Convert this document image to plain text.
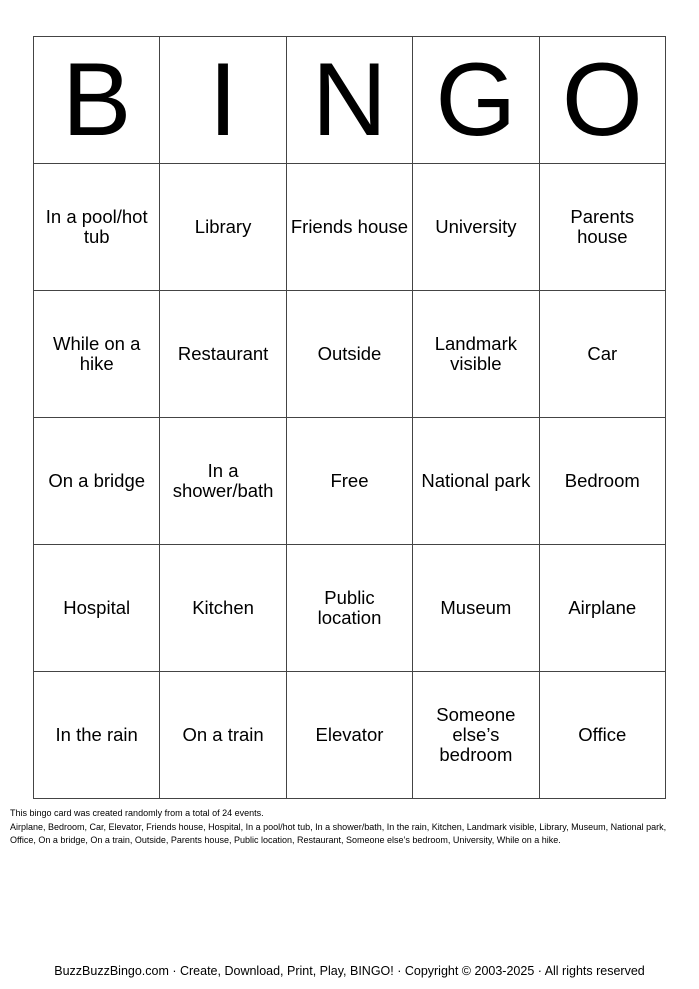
B	I	N	G	O
In a pool/hot tub	Library	Friends house	University	Parents house
While on a hike	Restaurant	Outside	Landmark visible	Car
On a bridge	In a shower/bath	Free	National park	Bedroom
Hospital	Kitchen	Public location	Museum	Airplane
In the rain	On a train	Elevator	Someone else’s bedroom	Office

This bingo card was created randomly from a total of 24 events.

Airplane, Bedroom, Car, Elevator, Friends house, Hospital, In a pool/hot tub, In a shower/bath, In the rain, Kitchen, Landmark visible, Library, Museum, National park, Office, On a bridge, On a train, Outside, Parents house, Public location, Restaurant, Someone else’s bedroom, University, While on a hike.

BuzzBuzzBingo.com · Create, Download, Print, Play, BINGO! · Copyright © 2003-2025 · All rights reserved
